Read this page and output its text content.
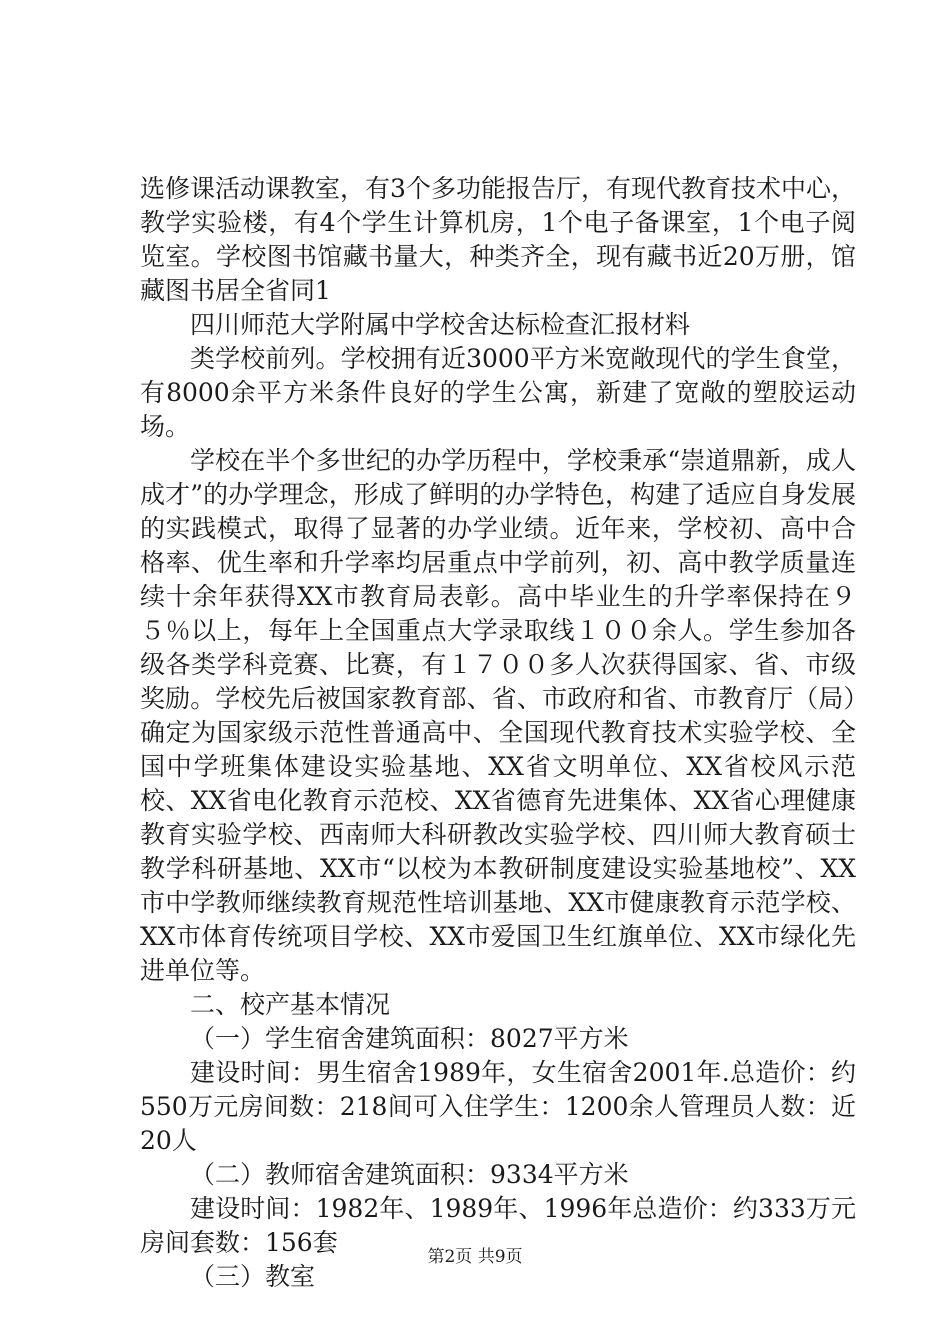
选修课活动课教室，有3个多功能报告厅，有现代教育技术中心，教学实验楼，有4个学生计算机房，1个电子备课室，1个电子阅览室。学校图书馆藏书量大，种类齐全，现有藏书近20万册，馆藏图书居全省同1

四川师范大学附属中学校舍达标检查汇报材料

类学校前列。学校拥有近3000平方米宽敞现代的学生食堂，有8000余平方米条件良好的学生公寓，新建了宽敞的塑胶运动场。

学校在半个多世纪的办学历程中，学校秉承“崇道鼎新，成人成才”的办学理念，形成了鲜明的办学特色，构建了适应自身发展的实践模式，取得了显著的办学业绩。近年来，学校初、高中合格率、优生率和升学率均居重点中学前列，初、高中教学质量连续十余年获得XX市教育局表彰。高中毕业生的升学率保持在９５％以上，每年上全国重点大学录取线１００余人。学生参加各级各类学科竞赛、比赛，有１７００多人次获得国家、省、市级奖励。学校先后被国家教育部、省、市政府和省、市教育厅（局）确定为国家级示范性普通高中、全国现代教育技术实验学校、全国中学班集体建设实验基地、XX省文明单位、XX省校风示范校、XX省电化教育示范校、XX省德育先进集体、XX省心理健康教育实验学校、西南师大科研教改实验学校、四川师大教育硕士教学科研基地、XX市“以校为本教研制度建设实验基地校”、XX市中学教师继续教育规范性培训基地、XX市健康教育示范学校、XX市体育传统项目学校、XX市爱国卫生红旗单位、XX市绿化先进单位等。

二、校产基本情况

（一）学生宿舍建筑面积：8027平方米

建设时间：男生宿舍1989年，女生宿舍2001年.总造价：约550万元房间数：218间可入住学生：1200余人管理员人数：近20人

（二）教师宿舍建筑面积：9334平方米

建设时间：1982年、1989年、1996年总造价：约333万元房间套数：156套

（三）教室

第2页 共9页
